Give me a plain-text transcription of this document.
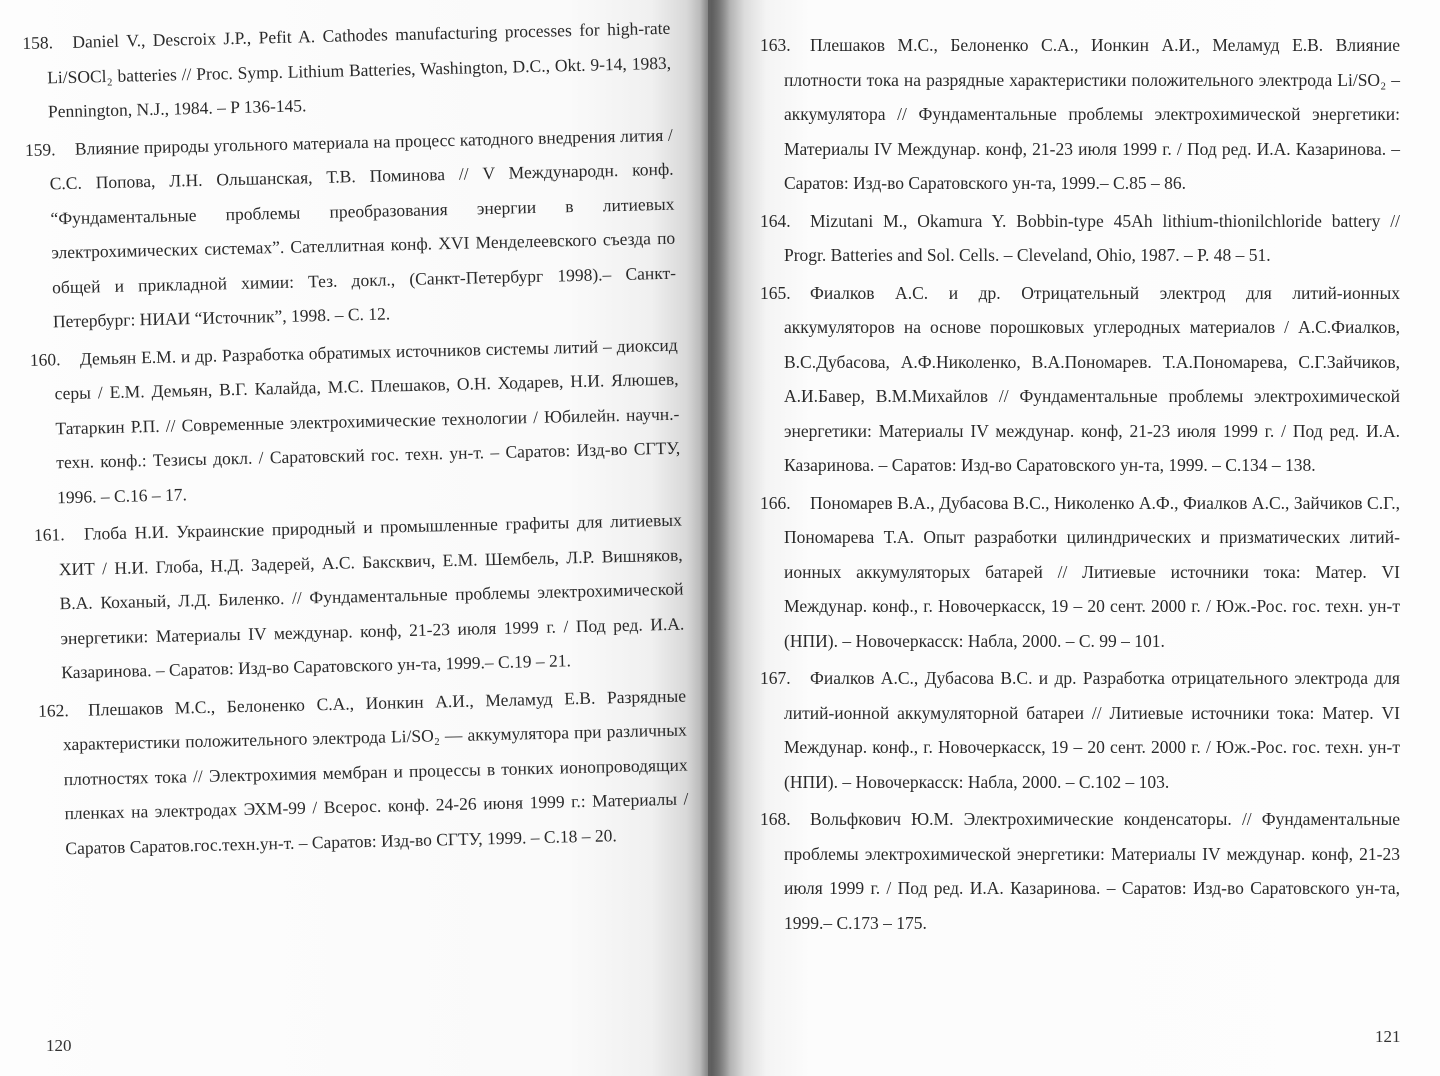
158. Daniel V., Descroix J.P., Pefit A. Cathodes manufacturing processes for high-rate Li/SOCl₂ batteries // Proc. Symp. Lithium Batteries, Washington, D.C., Okt. 9-14, 1983, Pennington, N.J., 1984. – P 136-145.
159. Влияние природы угольного материала на процесс катодного внедрения лития / С.С. Попова, Л.Н. Ольшанская, Т.В. Поминова // V Международн. конф. “Фундаментальные проблемы преобразования энергии в литиевых электрохимических системах”. Сателлитная конф. XVI Менделеевского съезда по общей и прикладной химии: Тез. докл., (Санкт-Петербург 1998).– Санкт-Петербург: НИАИ “Источник”, 1998. – С. 12.
160. Демьян Е.М. и др. Разработка обратимых источников системы литий – диоксид серы / Е.М. Демьян, В.Г. Калайда, М.С. Плешаков, О.Н. Ходарев, Н.И. Ялюшев, Татаркин Р.П. // Современные электрохимические технологии / Юбилейн. научн.-техн. конф.: Тезисы докл. / Саратовский гос. техн. ун-т. – Саратов: Изд-во СГТУ, 1996. – С.16 – 17.
161. Глоба Н.И. Украинские природный и промышленные графиты для литиевых ХИТ / Н.И. Глоба, Н.Д. Задерей, А.С. Баксквич, Е.М. Шембель, Л.Р. Вишняков, В.А. Коханый, Л.Д. Биленко. // Фундаментальные проблемы электрохимической энергетики: Материалы IV междунар. конф, 21-23 июля 1999 г. / Под ред. И.А. Казаринова. – Саратов: Изд-во Саратовского ун-та, 1999.– С.19 – 21.
162. Плешаков М.С., Белоненко С.А., Ионкин А.И., Меламуд Е.В. Разрядные характеристики положительного электрода Li/SO₂ — аккумулятора при различных плотностях тока // Электрохимия мембран и процессы в тонких ионопроводящих пленках на электродах ЭХМ-99 / Всерос. конф. 24-26 июня 1999 г.: Материалы / Саратов Саратов.гос.техн.ун-т. – Саратов: Изд-во СГТУ, 1999. – С.18 – 20.
120
163. Плешаков М.С., Белоненко С.А., Ионкин А.И., Меламуд Е.В. Влияние плотности тока на разрядные характеристики положительного электрода Li/SO₂ – аккумулятора // Фундаментальные проблемы электрохимической энергетики: Материалы IV Междунар. конф, 21-23 июля 1999 г. / Под ред. И.А. Казаринова. – Саратов: Изд-во Саратовского ун-та, 1999.– С.85 – 86.
164. Mizutani M., Okamura Y. Bobbin-type 45Ah lithium-thionilchloride battery // Progr. Batteries and Sol. Cells. – Cleveland, Ohio, 1987. – P. 48 – 51.
165. Фиалков А.С. и др. Отрицательный электрод для литий-ионных аккумуляторов на основе порошковых углеродных материалов / А.С.Фиалков, В.С.Дубасова, А.Ф.Николенко, В.А.Пономарев. Т.А.Пономарева, С.Г.Зайчиков, А.И.Бавер, В.М.Михайлов // Фундаментальные проблемы электрохимической энергетики: Материалы IV междунар. конф, 21-23 июля 1999 г. / Под ред. И.А. Казаринова. – Саратов: Изд-во Саратовского ун-та, 1999. – С.134 – 138.
166. Пономарев В.А., Дубасова В.С., Николенко А.Ф., Фиалков А.С., Зайчиков С.Г., Пономарева Т.А. Опыт разработки цилиндрических и призматических литий-ионных аккумуляторых батарей // Литиевые источники тока: Матер. VI Междунар. конф., г. Новочеркасск, 19 – 20 сент. 2000 г. / Юж.-Рос. гос. техн. ун-т (НПИ). – Новочеркасск: Набла, 2000. – С. 99 – 101.
167. Фиалков А.С., Дубасова В.С. и др. Разработка отрицательного электрода для литий-ионной аккумуляторной батареи // Литиевые источники тока: Матер. VI Междунар. конф., г. Новочеркасск, 19 – 20 сент. 2000 г. / Юж.-Рос. гос. техн. ун-т (НПИ). – Новочеркасск: Набла, 2000. – С.102 – 103.
168. Вольфкович Ю.М. Электрохимические конденсаторы. // Фундаментальные проблемы электрохимической энергетики: Материалы IV междунар. конф, 21-23 июля 1999 г. / Под ред. И.А. Казаринова. – Саратов: Изд-во Саратовского ун-та, 1999.– С.173 – 175.
121
